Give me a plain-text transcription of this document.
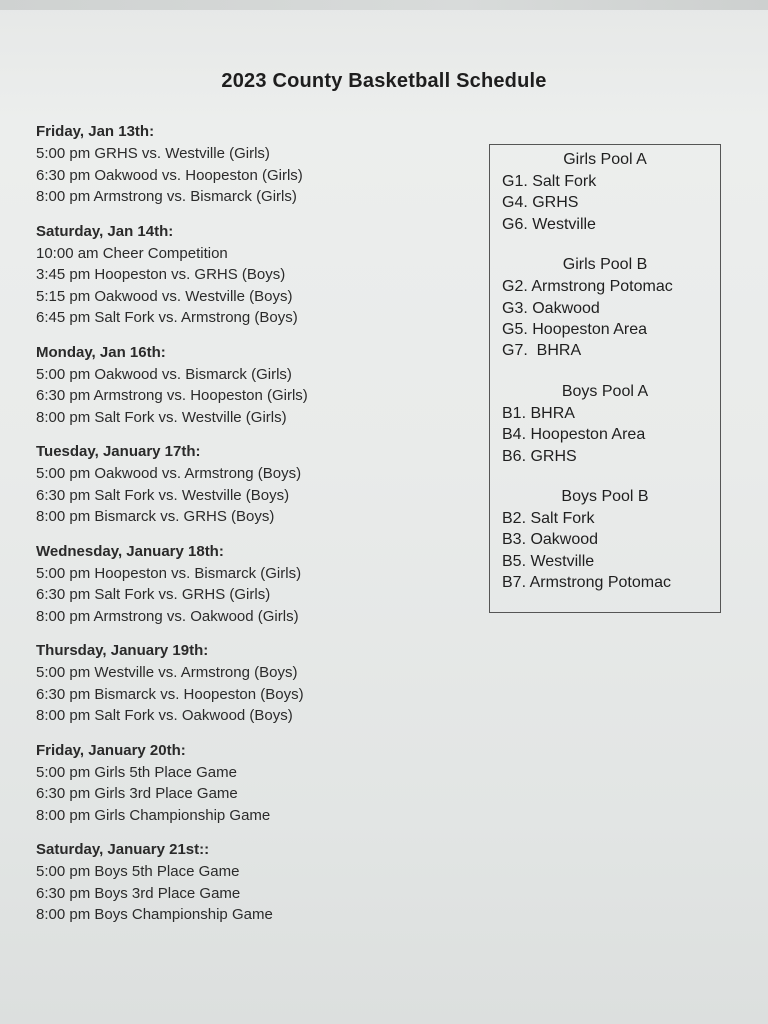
2023 County Basketball Schedule
Friday, Jan 13th:
5:00 pm GRHS vs. Westville (Girls)
6:30 pm Oakwood vs. Hoopeston (Girls)
8:00 pm Armstrong vs. Bismarck (Girls)
Saturday, Jan 14th:
10:00 am Cheer Competition
3:45 pm Hoopeston vs. GRHS (Boys)
5:15 pm Oakwood vs. Westville (Boys)
6:45 pm Salt Fork vs. Armstrong (Boys)
Monday, Jan 16th:
5:00 pm Oakwood vs. Bismarck (Girls)
6:30 pm Armstrong vs. Hoopeston (Girls)
8:00 pm Salt Fork vs. Westville (Girls)
Tuesday, January 17th:
5:00 pm Oakwood vs. Armstrong (Boys)
6:30 pm Salt Fork vs. Westville (Boys)
8:00 pm Bismarck vs. GRHS (Boys)
Wednesday, January 18th:
5:00 pm Hoopeston vs. Bismarck (Girls)
6:30 pm Salt Fork vs. GRHS (Girls)
8:00 pm Armstrong vs. Oakwood (Girls)
Thursday, January 19th:
5:00 pm Westville vs. Armstrong (Boys)
6:30 pm Bismarck vs. Hoopeston (Boys)
8:00 pm Salt Fork vs. Oakwood (Boys)
Friday, January 20th:
5:00 pm Girls 5th Place Game
6:30 pm Girls 3rd Place Game
8:00 pm Girls Championship Game
Saturday, January 21st::
5:00 pm Boys 5th Place Game
6:30 pm Boys 3rd Place Game
8:00 pm Boys Championship Game
Girls Pool A
G1. Salt Fork
G4. GRHS
G6. Westville
Girls Pool B
G2. Armstrong Potomac
G3. Oakwood
G5. Hoopeston Area
G7.  BHRA
Boys Pool A
B1. BHRA
B4. Hoopeston Area
B6. GRHS
Boys Pool B
B2. Salt Fork
B3. Oakwood
B5. Westville
B7. Armstrong Potomac
